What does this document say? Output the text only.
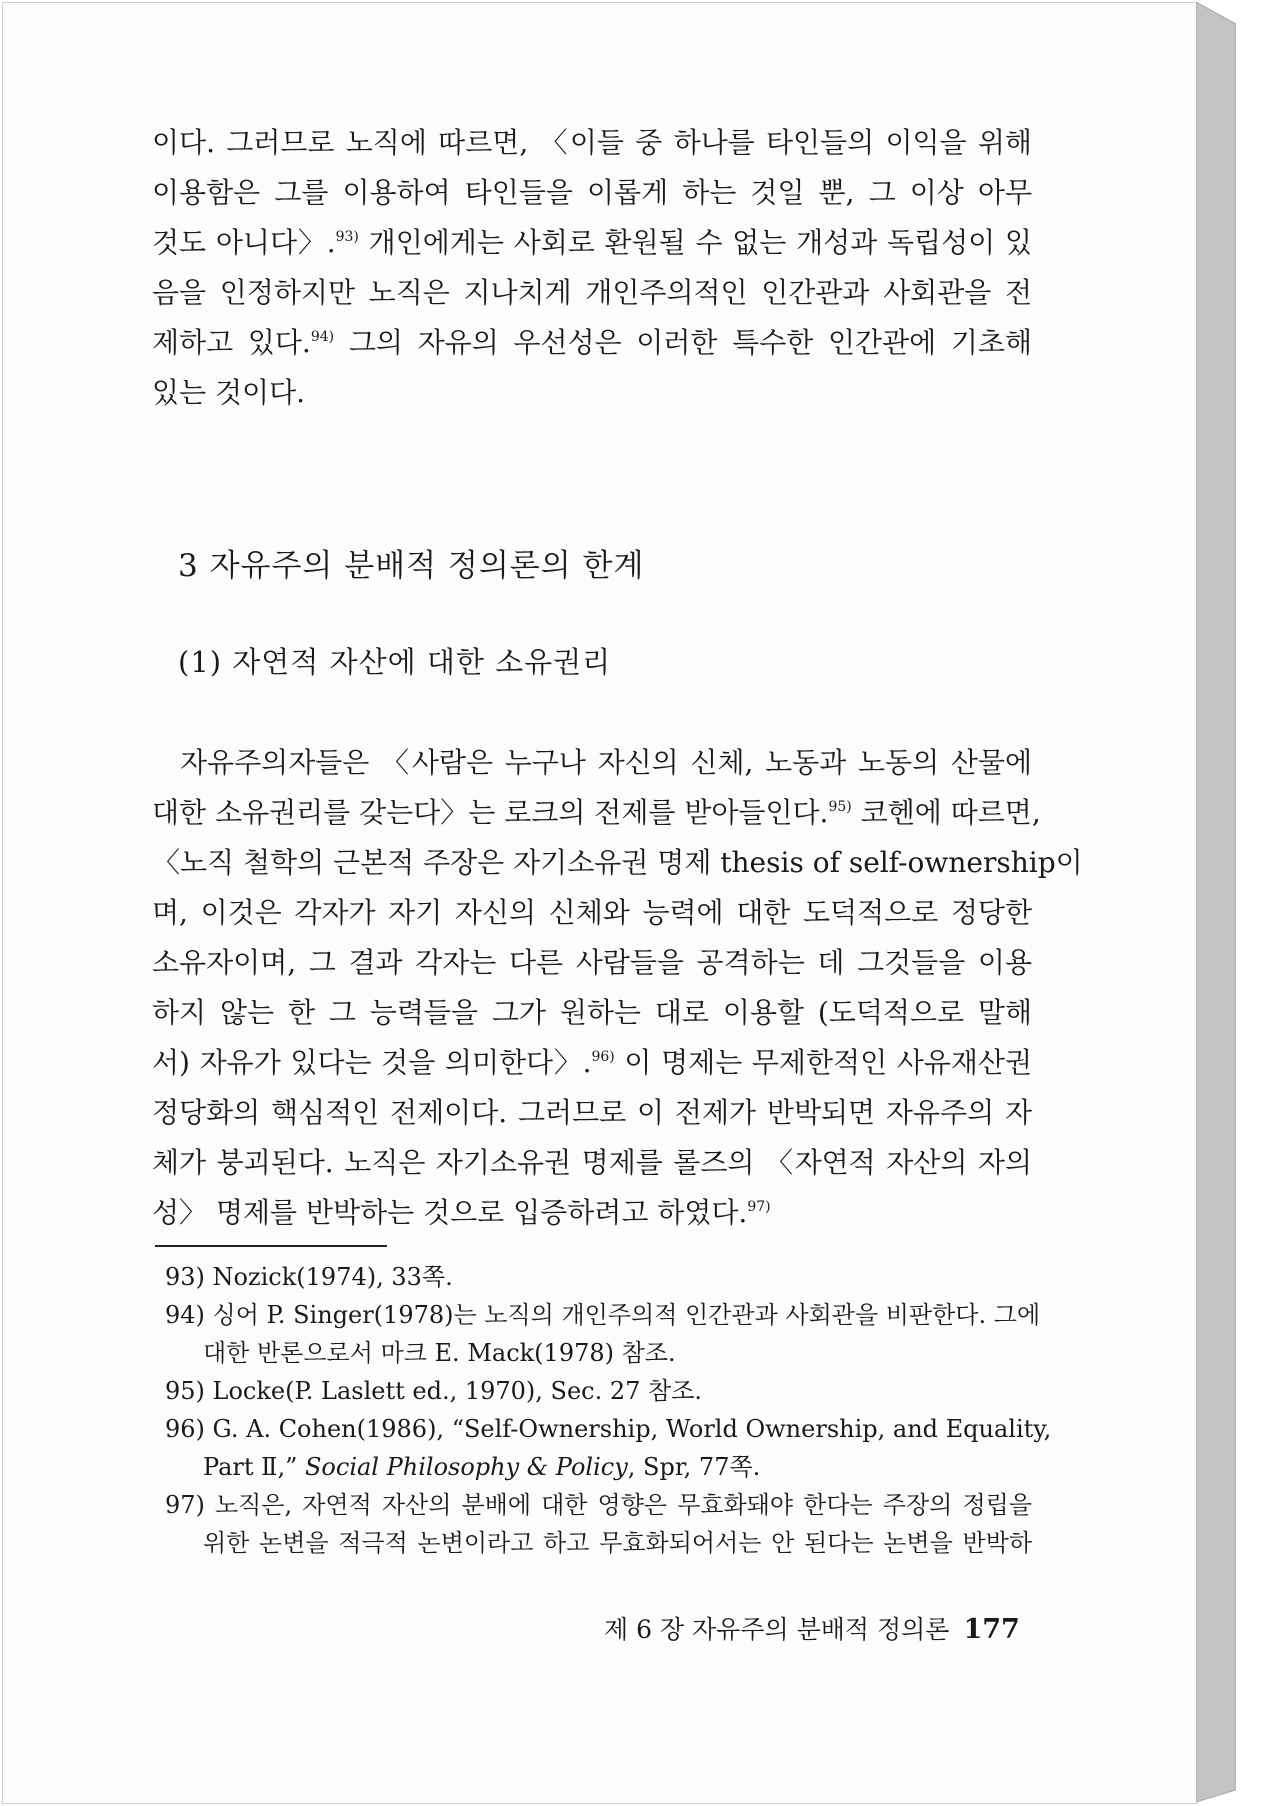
이다. 그러므로 노직에 따르면, 〈이들 중 하나를 타인들의 이익을 위해
이용함은 그를 이용하여 타인들을 이롭게 하는 것일 뿐, 그 이상 아무
것도 아니다〉.$^{93)}$ 개인에게는 사회로 환원될 수 없는 개성과 독립성이 있
음을 인정하지만 노직은 지나치게 개인주의적인 인간관과 사회관을 전
제하고 있다.$^{94)}$ 그의 자유의 우선성은 이러한 특수한 인간관에 기초해
있는 것이다.
3 자유주의 분배적 정의론의 한계
(1) 자연적 자산에 대한 소유권리
자유주의자들은 〈사람은 누구나 자신의 신체, 노동과 노동의 산물에
대한 소유권리를 갖는다〉는 로크의 전제를 받아들인다.$^{95)}$ 코헨에 따르면,
〈노직 철학의 근본적 주장은 자기소유권 명제 thesis of self-ownership이
며, 이것은 각자가 자기 자신의 신체와 능력에 대한 도덕적으로 정당한
소유자이며, 그 결과 각자는 다른 사람들을 공격하는 데 그것들을 이용
하지 않는 한 그 능력들을 그가 원하는 대로 이용할 (도덕적으로 말해
서) 자유가 있다는 것을 의미한다〉.$^{96)}$ 이 명제는 무제한적인 사유재산권
정당화의 핵심적인 전제이다. 그러므로 이 전제가 반박되면 자유주의 자
체가 붕괴된다. 노직은 자기소유권 명제를 롤즈의 〈자연적 자산의 자의
성〉 명제를 반박하는 것으로 입증하려고 하였다.$^{97)}$
93) Nozick(1974), 33쪽.
94) 싱어 P. Singer(1978)는 노직의 개인주의적 인간관과 사회관을 비판한다. 그에
대한 반론으로서 마크 E. Mack(1978) 참조.
95) Locke(P. Laslett ed., 1970), Sec. 27 참조.
96) G. A. Cohen(1986), “Self-Ownership, World Ownership, and Equality,
Part Ⅱ,” Social Philosophy & Policy, Spr, 77쪽.
97) 노직은, 자연적 자산의 분배에 대한 영향은 무효화돼야 한다는 주장의 정립을
위한 논변을 적극적 논변이라고 하고 무효화되어서는 안 된다는 논변을 반박하
제 6 장 자유주의 분배적 정의론 177
